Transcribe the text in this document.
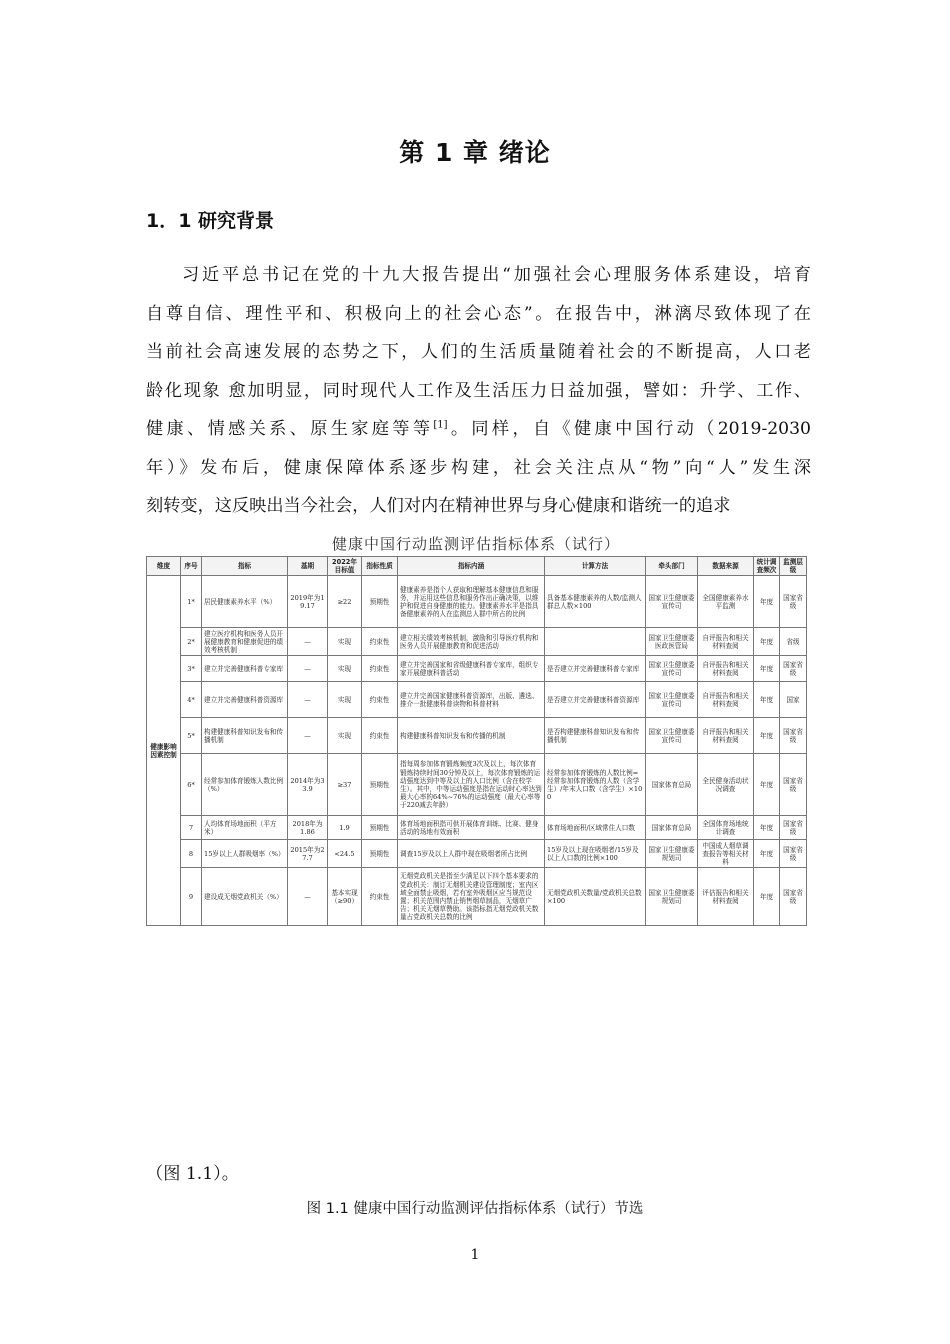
第 1 章 绪论
1．1 研究背景
习近平总书记在党的十九大报告提出“加强社会心理服务体系建设，培育
自尊自信、理性平和、积极向上的社会心态”。在报告中，淋漓尽致体现了在
当前社会高速发展的态势之下，人们的生活质量随着社会的不断提高，人口老
龄化现象 愈加明显，同时现代人工作及生活压力日益加强，譬如：升学、工作、
健康、情感关系、原生家庭等等[1]。同样，自《健康中国行动（2019-2030
年）》发布后，健康保障体系逐步构建，社会关注点从“物”向“人”发生深
刻转变，这反映出当今社会，人们对内在精神世界与身心健康和谐统一的追求
健康中国行动监测评估指标体系（试行）
维度	序号	指标	基期	2022年目标值	指标性质	指标内涵	计算方法	牵头部门	数据来源	统计调查频次	监测层级
健康影响因素控制	1*	居民健康素养水平（%）	2019年为19.17	≥22	预期性	健康素养是指个人获取和理解基本健康信息和服务，并运用这些信息和服务作出正确决策，以维护和促进自身健康的能力。健康素养水平是指具备健康素养的人在监测总人群中所占的比例	具备基本健康素养的人数/监测人群总人数×100	国家卫生健康委宣传司	全国健康素养水平监测	年度	国家省级
	2*	建立医疗机构和医务人员开展健康教育和健康促进的绩效考核机制	—	实现	约束性	建立相关绩效考核机制，激励和引导医疗机构和医务人员开展健康教育和促进活动		国家卫生健康委医政医管局	自评报告和相关材料查阅	年度	省级
	3*	建立并完善健康科普专家库	—	实现	约束性	建立并完善国家和省级健康科普专家库，组织专家开展健康科普活动	是否建立并完善健康科普专家库	国家卫生健康委宣传司	自评报告和相关材料查阅	年度	国家省级
	4*	建立并完善健康科普资源库	—	实现	约束性	建立并完善国家健康科普资源库，出版、遴选、推介一批健康科普读物和科普材料	是否建立并完善健康科普资源库	国家卫生健康委宣传司	自评报告和相关材料查阅	年度	国家
	5*	构建健康科普知识发布和传播机制	—	实现	约束性	构建健康科普知识发布和传播的机制	是否构建健康科普知识发布和传播机制	国家卫生健康委宣传司	自评报告和相关材料查阅	年度	国家省级
	6*	经常参加体育锻炼人数比例（%）	2014年为33.9	≥37	预期性	指每周参加体育锻炼频度3次及以上，每次体育锻炼持续时间30分钟及以上，每次体育锻炼的运动强度达到中等及以上的人口比例（含在校学生）。其中，中等运动强度是指在运动时心率达到最大心率的64%~76%的运动强度（最大心率等于220减去年龄）	经常参加体育锻炼的人数比例=经常参加体育锻炼的人数（含学生）/年末人口数（含学生）×100	国家体育总局	全民健身活动状况调查	年度	国家省级
	7	人均体育场地面积（平方米）	2018年为1.86	1.9	预期性	体育场地面积指可供开展体育训练、比赛、健身活动的场地有效面积	体育场地面积/区域常住人口数	国家体育总局	全国体育场地统计调查	年度	国家省级
	8	15岁以上人群吸烟率（%）	2015年为27.7	<24.5	预期性	调查15岁及以上人群中现在吸烟者所占比例	15岁及以上现在吸烟者/15岁及以上人口数的比例×100	国家卫生健康委规划司	中国成人烟草调查报告等相关材料	年度	国家省级
	9	建设成无烟党政机关（%）	—	基本实现（≥90）	约束性	无烟党政机关是指至少满足以下四个基本要求的党政机关：制订无烟机关建设管理制度；室内区域全面禁止吸烟，若有室外吸烟区应当规范设置；机关范围内禁止销售烟草制品，无烟草广告；机关无烟草赞助。该指标指无烟党政机关数量占党政机关总数的比例	无烟党政机关数量/党政机关总数×100	国家卫生健康委规划司	评估报告和相关材料查阅	年度	国家省级
（图 1.1）。
图 1.1 健康中国行动监测评估指标体系（试行）节选
1
